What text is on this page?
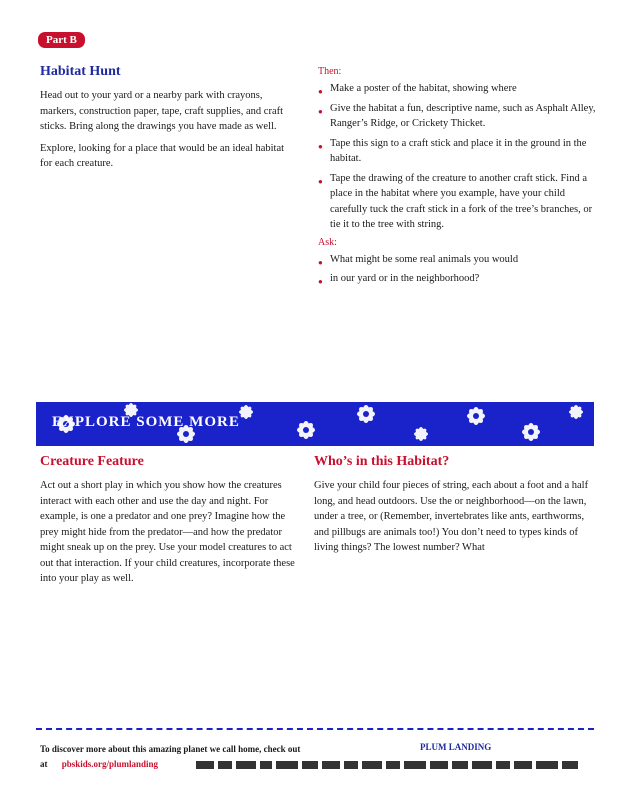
Part B
Habitat Hunt

Head out to your yard or a nearby park with crayons, markers, construction paper, tape, craft supplies, and craft sticks. Bring along the drawings you have made as well.

Explore, looking for a place that would be an ideal habitat for each creature.

Then:
● Make a poster of the habitat, showing where
● Give the habitat a fun, descriptive name, such as Asphalt Alley, Ranger’s Ridge, or Crickety Thicket.
● Tape this sign to a craft stick and place it in the ground in the habitat.
● Tape the drawing of the creature to another craft stick. Find a place in the habitat where you example, have your child carefully tuck the craft stick in a fork of the tree’s branches, or tie it to the tree with string.
Ask:
● What might be some real animals you would
● in our yard or in the neighborhood?
EXPLORE SOME MORE
Creature Feature

Act out a short play in which you show how the creatures interact with each other and use the day and night. For example, is one a predator and one prey? Imagine how the prey might hide from the predator—and how the predator might sneak up on the prey. Use your model creatures to act out that interaction. If your child creatures, incorporate these into your play as well.

Who’s in this Habitat?

Give your child four pieces of string, each about a foot and a half long, and head outdoors. Use the or neighborhood—on the lawn, under a tree, or (Remember, invertebrates like ants, earthworms, and pillbugs are animals too!) You don’t need to types kinds of living things? The lowest number? What

To discover more about this amazing planet we call home, check out
at pbskids.org/plumlanding
PLUM LANDING
